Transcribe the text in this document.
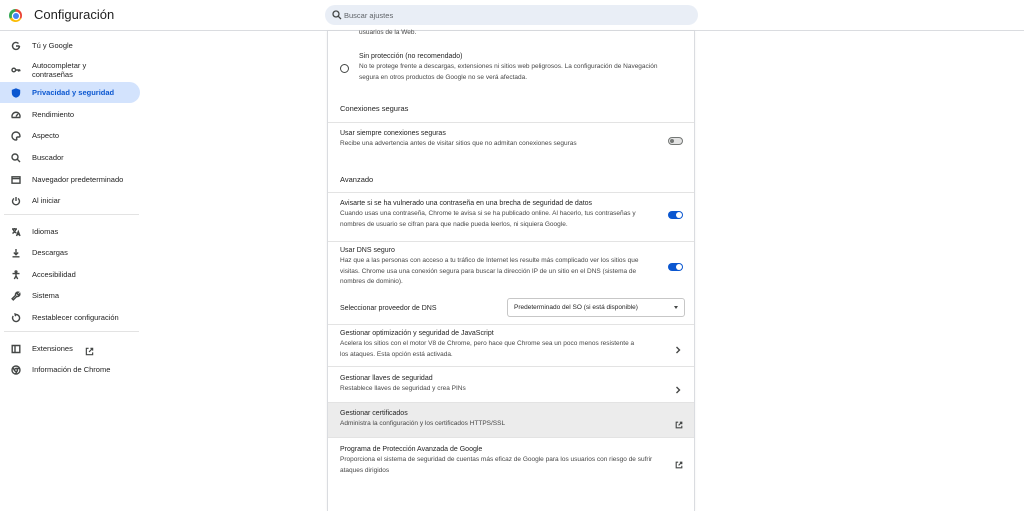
Configuración
Buscar ajustes
Tú y Google
Autocompletar y
contraseñas
Privacidad y seguridad
Rendimiento
Aspecto
Buscador
Navegador predeterminado
Al iniciar
Idiomas
Descargas
Accesibilidad
Sistema
Restablecer configuración
Extensiones
Información de Chrome
usuarios de la Web.
Sin protección (no recomendado)
No te protege frente a descargas, extensiones ni sitios web peligrosos. La configuración de Navegación segura en otros productos de Google no se verá afectada.
Conexiones seguras
Usar siempre conexiones seguras
Recibe una advertencia antes de visitar sitios que no admitan conexiones seguras
Avanzado
Avisarte si se ha vulnerado una contraseña en una brecha de seguridad de datos
Cuando usas una contraseña, Chrome te avisa si se ha publicado online. Al hacerlo, tus contraseñas y nombres de usuario se cifran para que nadie pueda leerlos, ni siquiera Google.
Usar DNS seguro
Haz que a las personas con acceso a tu tráfico de Internet les resulte más complicado ver los sitios que visitas. Chrome usa una conexión segura para buscar la dirección IP de un sitio en el DNS (sistema de nombres de dominio).
Seleccionar proveedor de DNS	Predeterminado del SO (si está disponible)
Gestionar optimización y seguridad de JavaScript
Acelera los sitios con el motor V8 de Chrome, pero hace que Chrome sea un poco menos resistente a los ataques. Esta opción está activada.
Gestionar llaves de seguridad
Restablece llaves de seguridad y crea PINs
Gestionar certificados
Administra la configuración y los certificados HTTPS/SSL
Programa de Protección Avanzada de Google
Proporciona el sistema de seguridad de cuentas más eficaz de Google para los usuarios con riesgo de sufrir ataques dirigidos
